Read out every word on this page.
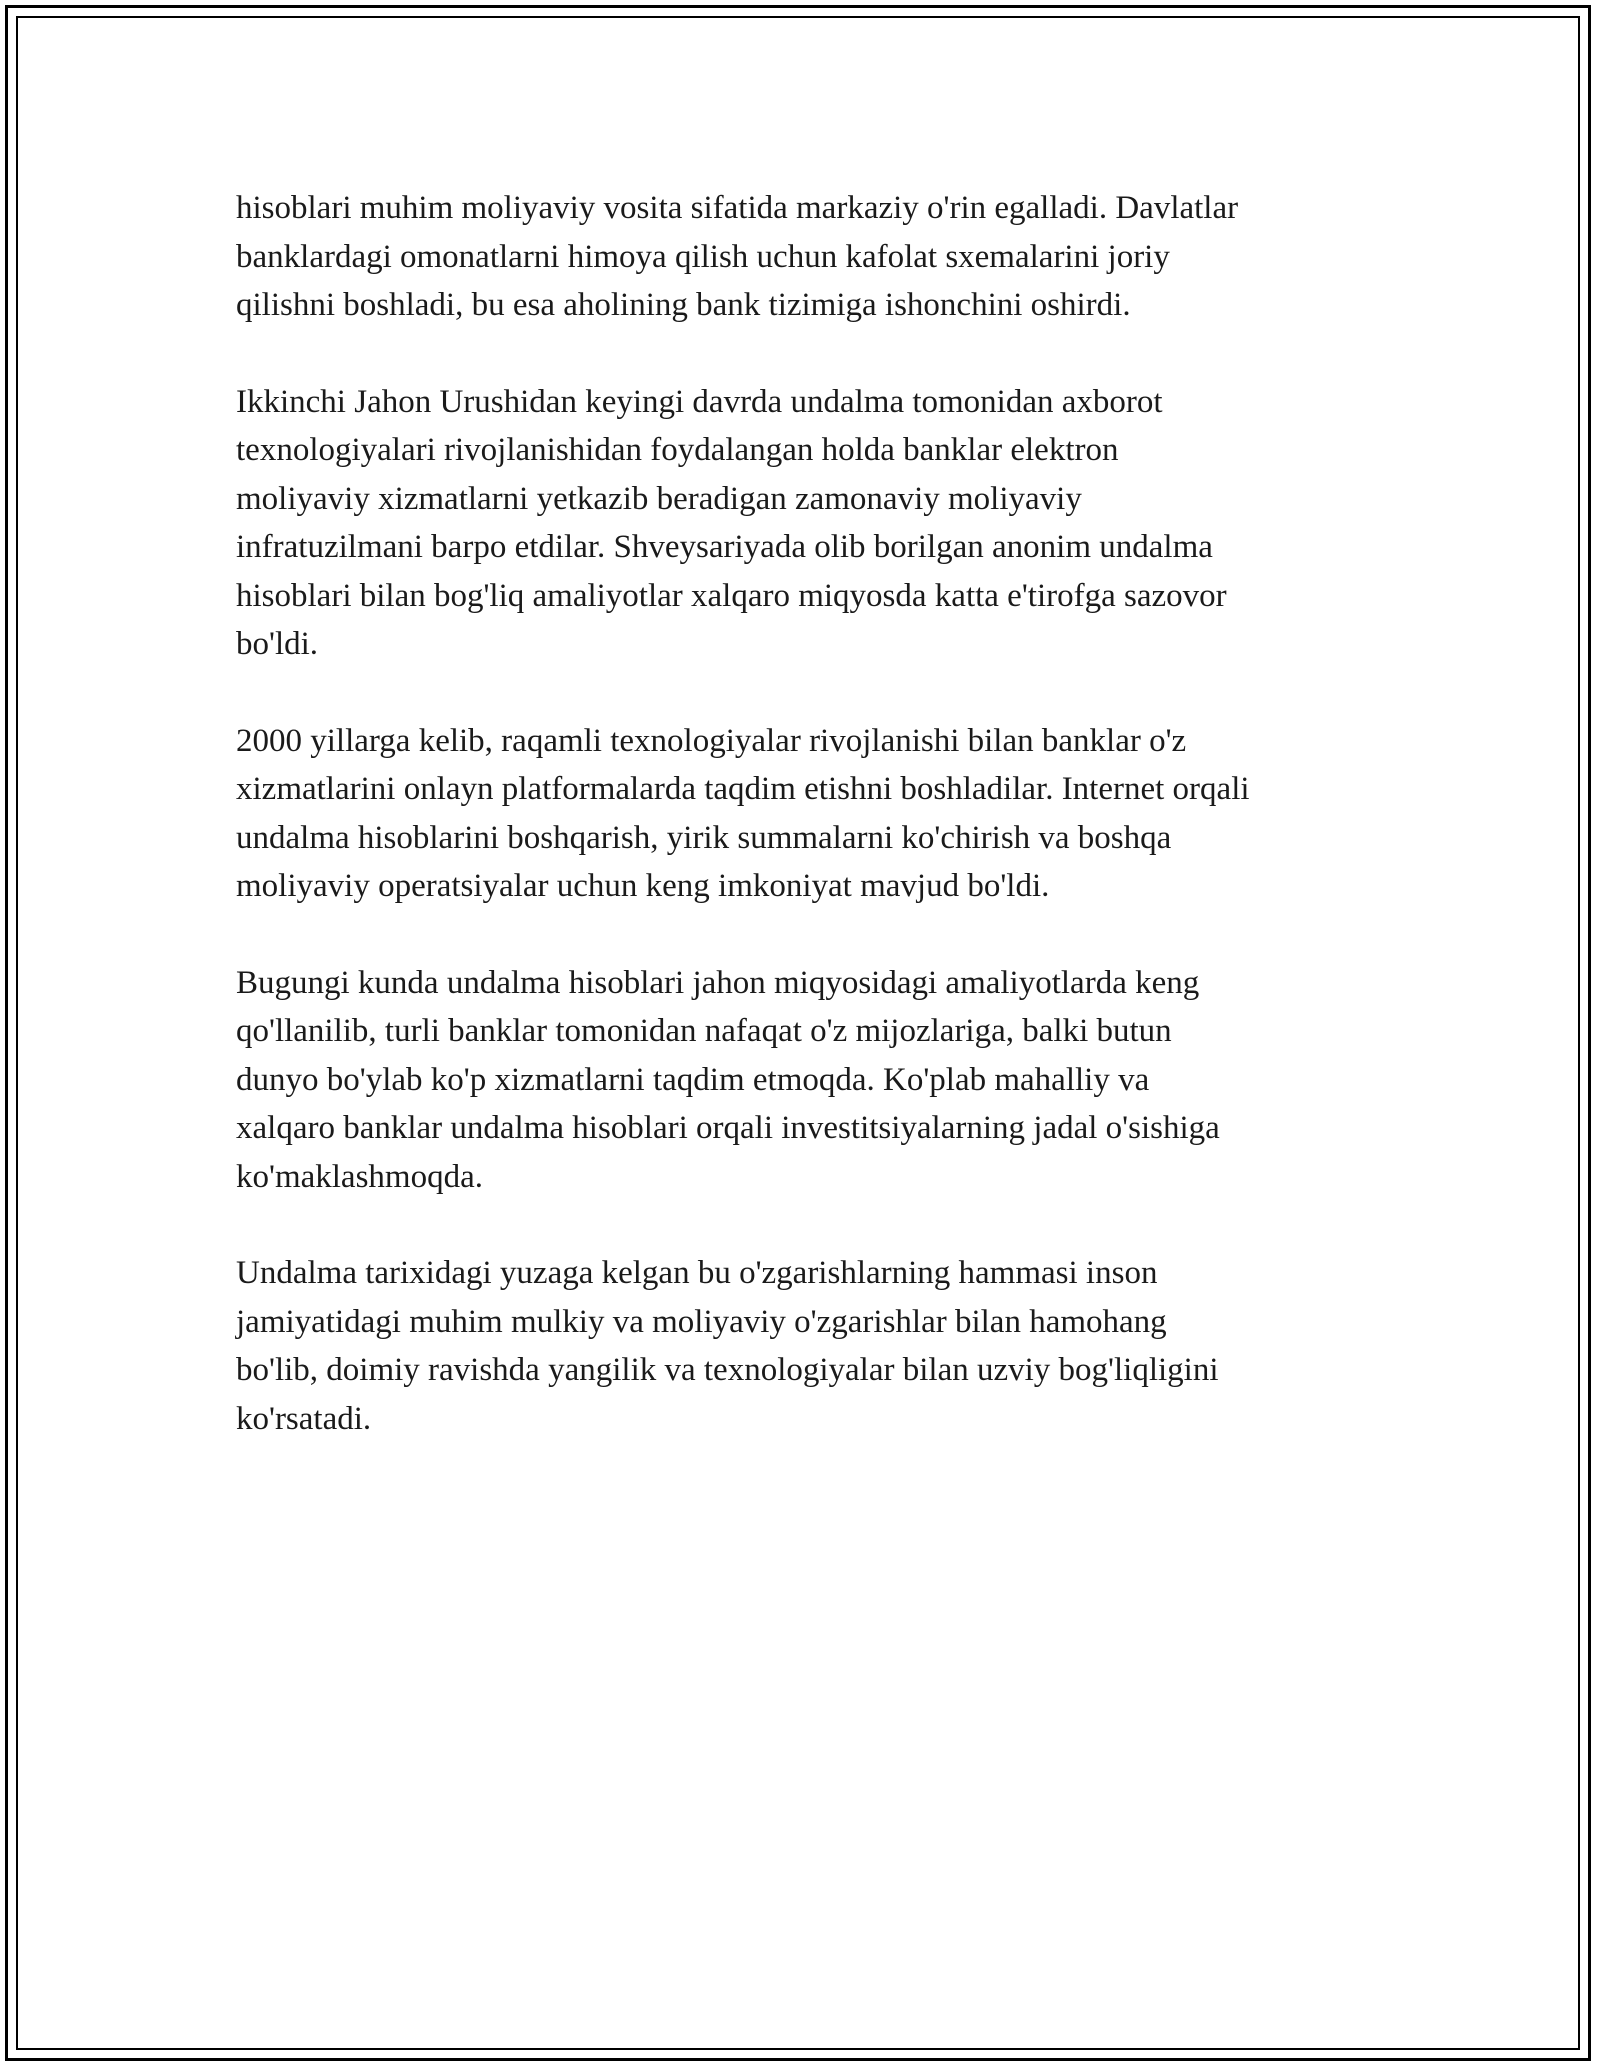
hisoblari muhim moliyaviy vosita sifatida markaziy o'rin egalladi. Davlatlar
banklardagi omonatlarni himoya qilish uchun kafolat sxemalarini joriy
qilishni boshladi, bu esa aholining bank tizimiga ishonchini oshirdi.

Ikkinchi Jahon Urushidan keyingi davrda undalma tomonidan axborot
texnologiyalari rivojlanishidan foydalangan holda banklar elektron
moliyaviy xizmatlarni yetkazib beradigan zamonaviy moliyaviy
infratuzilmani barpo etdilar. Shveysariyada olib borilgan anonim undalma
hisoblari bilan bog'liq amaliyotlar xalqaro miqyosda katta e'tirofga sazovor
bo'ldi.

2000 yillarga kelib, raqamli texnologiyalar rivojlanishi bilan banklar o'z
xizmatlarini onlayn platformalarda taqdim etishni boshladilar. Internet orqali
undalma hisoblarini boshqarish, yirik summalarni ko'chirish va boshqa
moliyaviy operatsiyalar uchun keng imkoniyat mavjud bo'ldi.

Bugungi kunda undalma hisoblari jahon miqyosidagi amaliyotlarda keng
qo'llanilib, turli banklar tomonidan nafaqat o'z mijozlariga, balki butun
dunyo bo'ylab ko'p xizmatlarni taqdim etmoqda. Ko'plab mahalliy va
xalqaro banklar undalma hisoblari orqali investitsiyalarning jadal o'sishiga
ko'maklashmoqda.

Undalma tarixidagi yuzaga kelgan bu o'zgarishlarning hammasi inson
jamiyatidagi muhim mulkiy va moliyaviy o'zgarishlar bilan hamohang
bo'lib, doimiy ravishda yangilik va texnologiyalar bilan uzviy bog'liqligini
ko'rsatadi.
